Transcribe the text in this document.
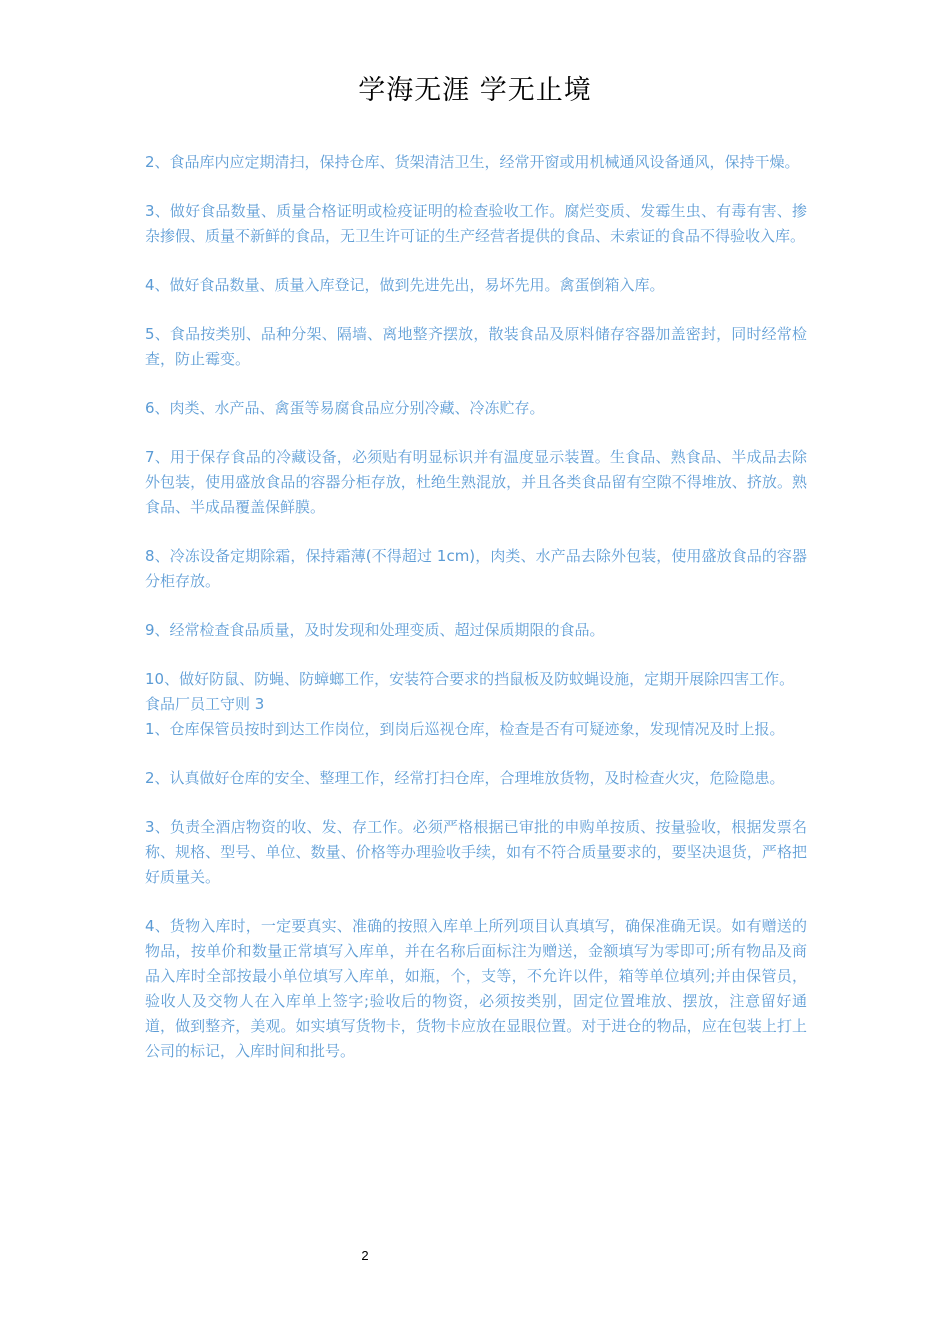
学海无涯 学无止境

2、食品库内应定期清扫，保持仓库、货架清洁卫生，经常开窗或用机械通风设备通风，保持干燥。

3、做好食品数量、质量合格证明或检疫证明的检查验收工作。腐烂变质、发霉生虫、有毒有害、掺杂掺假、质量不新鲜的食品，无卫生许可证的生产经营者提供的食品、未索证的食品不得验收入库。

4、做好食品数量、质量入库登记，做到先进先出，易坏先用。禽蛋倒箱入库。

5、食品按类别、品种分架、隔墙、离地整齐摆放，散装食品及原料储存容器加盖密封，同时经常检查，防止霉变。

6、肉类、水产品、禽蛋等易腐食品应分别冷藏、冷冻贮存。

7、用于保存食品的冷藏设备，必须贴有明显标识并有温度显示装置。生食品、熟食品、半成品去除外包装，使用盛放食品的容器分柜存放，杜绝生熟混放，并且各类食品留有空隙不得堆放、挤放。熟食品、半成品覆盖保鲜膜。

8、冷冻设备定期除霜，保持霜薄(不得超过 1cm)，肉类、水产品去除外包装，使用盛放食品的容器分柜存放。

9、经常检查食品质量，及时发现和处理变质、超过保质期限的食品。

10、做好防鼠、防蝇、防蟑螂工作，安装符合要求的挡鼠板及防蚊蝇设施，定期开展除四害工作。

食品厂员工守则 3

1、仓库保管员按时到达工作岗位，到岗后巡视仓库，检查是否有可疑迹象，发现情况及时上报。

2、认真做好仓库的安全、整理工作，经常打扫仓库，合理堆放货物，及时检查火灾，危险隐患。

3、负责全酒店物资的收、发、存工作。必须严格根据已审批的申购单按质、按量验收，根据发票名称、规格、型号、单位、数量、价格等办理验收手续，如有不符合质量要求的，要坚决退货，严格把好质量关。

4、货物入库时，一定要真实、准确的按照入库单上所列项目认真填写，确保准确无误。如有赠送的物品，按单价和数量正常填写入库单，并在名称后面标注为赠送，金额填写为零即可;所有物品及商品入库时全部按最小单位填写入库单，如瓶，个，支等，不允许以件，箱等单位填列;并由保管员，验收人及交物人在入库单上签字;验收后的物资，必须按类别，固定位置堆放、摆放，注意留好通道，做到整齐，美观。如实填写货物卡，货物卡应放在显眼位置。对于进仓的物品，应在包装上打上公司的标记，入库时间和批号。

2
